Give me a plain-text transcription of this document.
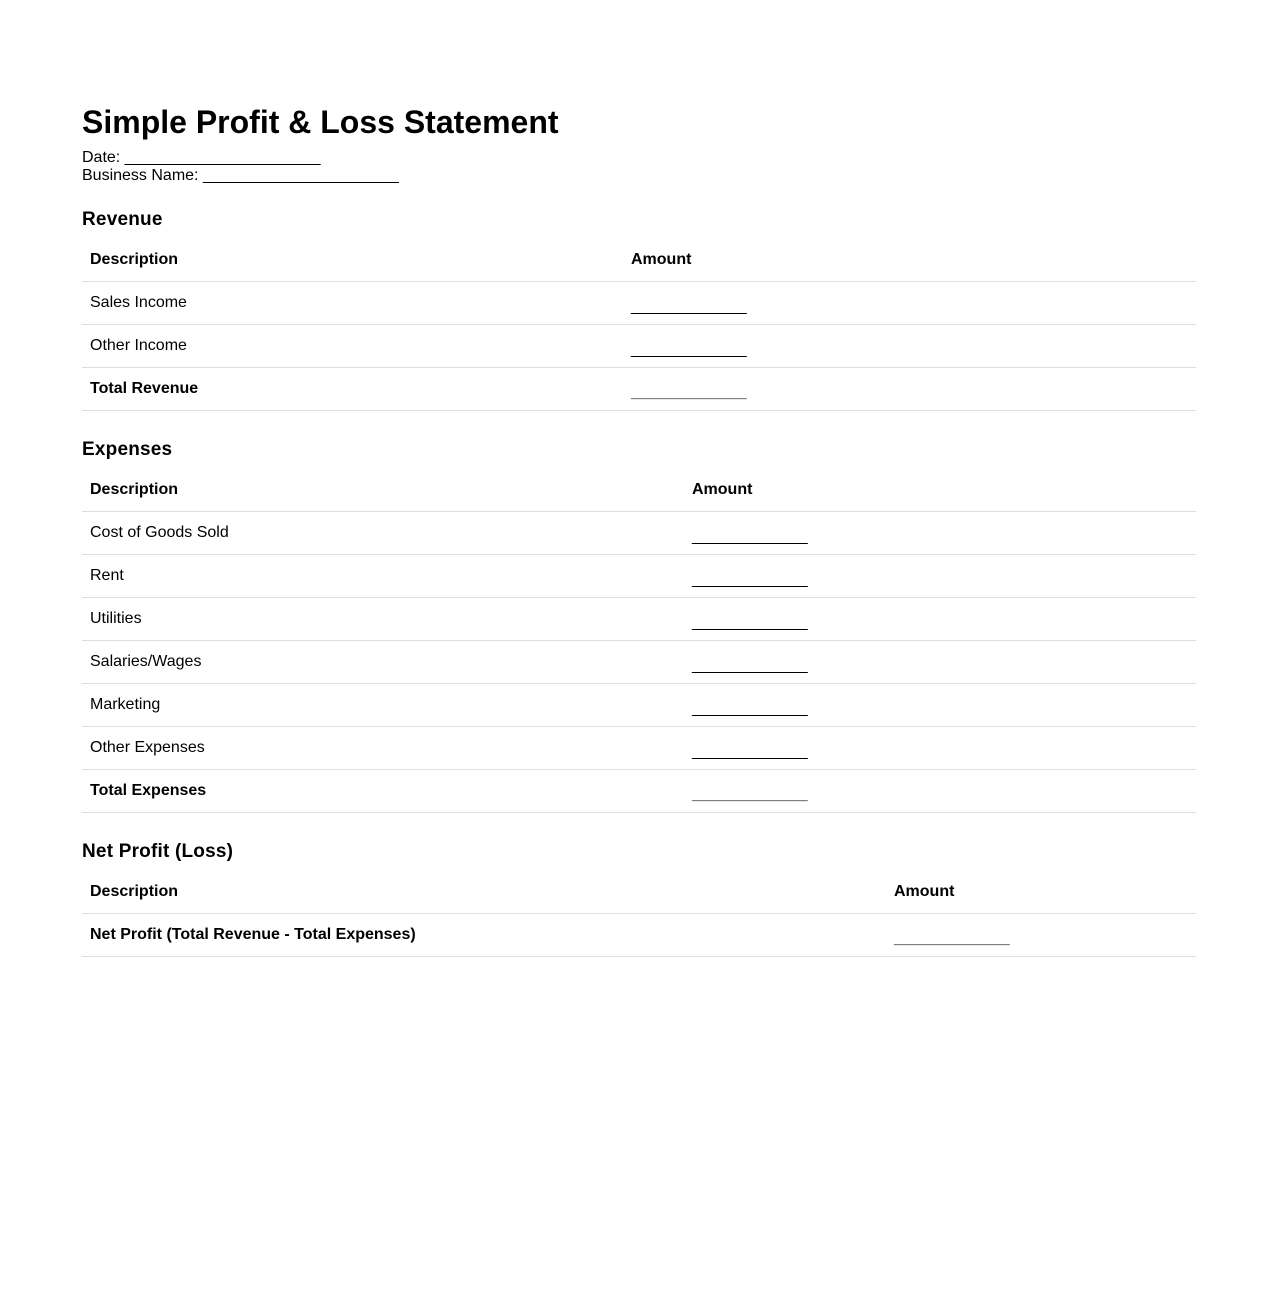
Simple Profit & Loss Statement
Date: ______________________
Business Name: ______________________
Revenue
Description	Amount
Sales Income	_____________
Other Income	_____________
Total Revenue	_____________
Expenses
Description	Amount
Cost of Goods Sold	_____________
Rent	_____________
Utilities	_____________
Salaries/Wages	_____________
Marketing	_____________
Other Expenses	_____________
Total Expenses	_____________
Net Profit (Loss)
Description	Amount
Net Profit (Total Revenue - Total Expenses)	_____________
